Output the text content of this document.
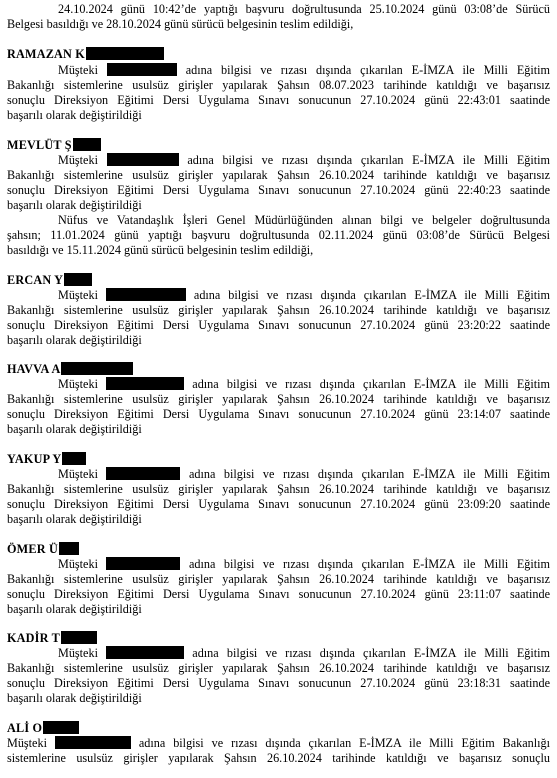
24.10.2024 günü 10:42’de yaptığı başvuru doğrultusunda 25.10.2024 günü 03:08’de Sürücü
Belgesi basıldığı ve 28.10.2024 günü sürücü belgesinin teslim edildiği,
RAMAZAN K
Müşteki	adına bilgisi ve rızası dışında çıkarılan E-İMZA ile Milli Eğitim
Bakanlığı sistemlerine usulsüz girişler yapılarak Şahsın 08.07.2023 tarihinde katıldığı ve başarısız
sonuçlu Direksiyon Eğitimi Dersi Uygulama Sınavı sonucunun 27.10.2024 günü 22:43:01 saatinde
başarılı olarak değiştirildiği
MEVLÜT Ş
Müşteki	adına bilgisi ve rızası dışında çıkarılan E-İMZA ile Milli Eğitim
Bakanlığı sistemlerine usulsüz girişler yapılarak Şahsın 26.10.2024 tarihinde katıldığı ve başarısız
sonuçlu Direksiyon Eğitimi Dersi Uygulama Sınavı sonucunun 27.10.2024 günü 22:40:23 saatinde
başarılı olarak değiştirildiği
Nüfus ve Vatandaşlık İşleri Genel Müdürlüğünden alınan bilgi ve belgeler doğrultusunda
şahsın; 11.01.2024 günü yaptığı başvuru doğrultusunda 02.11.2024 günü 03:08’de Sürücü Belgesi
basıldığı ve 15.11.2024 günü sürücü belgesinin teslim edildiği,
ERCAN Y
Müşteki	adına bilgisi ve rızası dışında çıkarılan E-İMZA ile Milli Eğitim
Bakanlığı sistemlerine usulsüz girişler yapılarak Şahsın 26.10.2024 tarihinde katıldığı ve başarısız
sonuçlu Direksiyon Eğitimi Dersi Uygulama Sınavı sonucunun 27.10.2024 günü 23:20:22 saatinde
başarılı olarak değiştirildiği
HAVVA A
Müşteki	adına bilgisi ve rızası dışında çıkarılan E-İMZA ile Milli Eğitim
Bakanlığı sistemlerine usulsüz girişler yapılarak Şahsın 26.10.2024 tarihinde katıldığı ve başarısız
sonuçlu Direksiyon Eğitimi Dersi Uygulama Sınavı sonucunun 27.10.2024 günü 23:14:07 saatinde
başarılı olarak değiştirildiği
YAKUP Y
Müşteki	adına bilgisi ve rızası dışında çıkarılan E-İMZA ile Milli Eğitim
Bakanlığı sistemlerine usulsüz girişler yapılarak Şahsın 26.10.2024 tarihinde katıldığı ve başarısız
sonuçlu Direksiyon Eğitimi Dersi Uygulama Sınavı sonucunun 27.10.2024 günü 23:09:20 saatinde
başarılı olarak değiştirildiği
ÖMER Ü
Müşteki	adına bilgisi ve rızası dışında çıkarılan E-İMZA ile Milli Eğitim
Bakanlığı sistemlerine usulsüz girişler yapılarak Şahsın 26.10.2024 tarihinde katıldığı ve başarısız
sonuçlu Direksiyon Eğitimi Dersi Uygulama Sınavı sonucunun 27.10.2024 günü 23:11:07 saatinde
başarılı olarak değiştirildiği
KADİR T
Müşteki	adına bilgisi ve rızası dışında çıkarılan E-İMZA ile Milli Eğitim
Bakanlığı sistemlerine usulsüz girişler yapılarak Şahsın 26.10.2024 tarihinde katıldığı ve başarısız
sonuçlu Direksiyon Eğitimi Dersi Uygulama Sınavı sonucunun 27.10.2024 günü 23:18:31 saatinde
başarılı olarak değiştirildiği
ALİ O
Müşteki	adına bilgisi ve rızası dışında çıkarılan E-İMZA ile Milli Eğitim Bakanlığı
sistemlerine usulsüz girişler yapılarak Şahsın 26.10.2024 tarihinde katıldığı ve başarısız sonuçlu
